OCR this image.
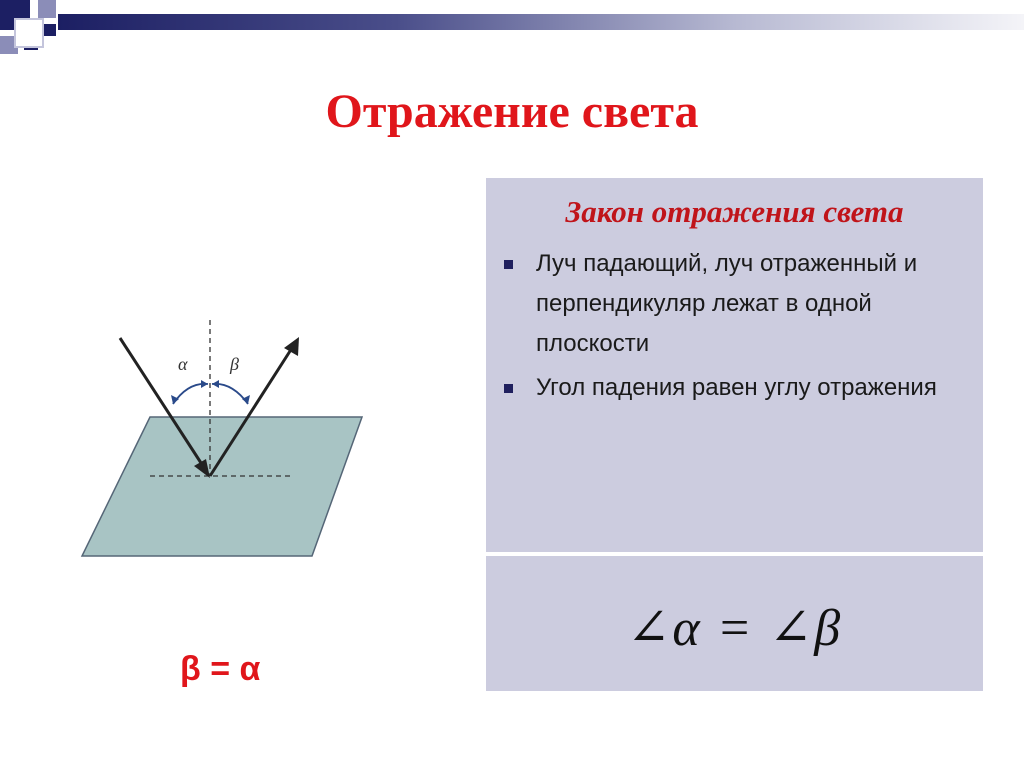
Отражение света
α β
β = α
Закон отражения света
Луч падающий, луч отраженный и перпендикуляр лежат в одной плоскости
Угол падения равен углу отражения
∠α = ∠β
